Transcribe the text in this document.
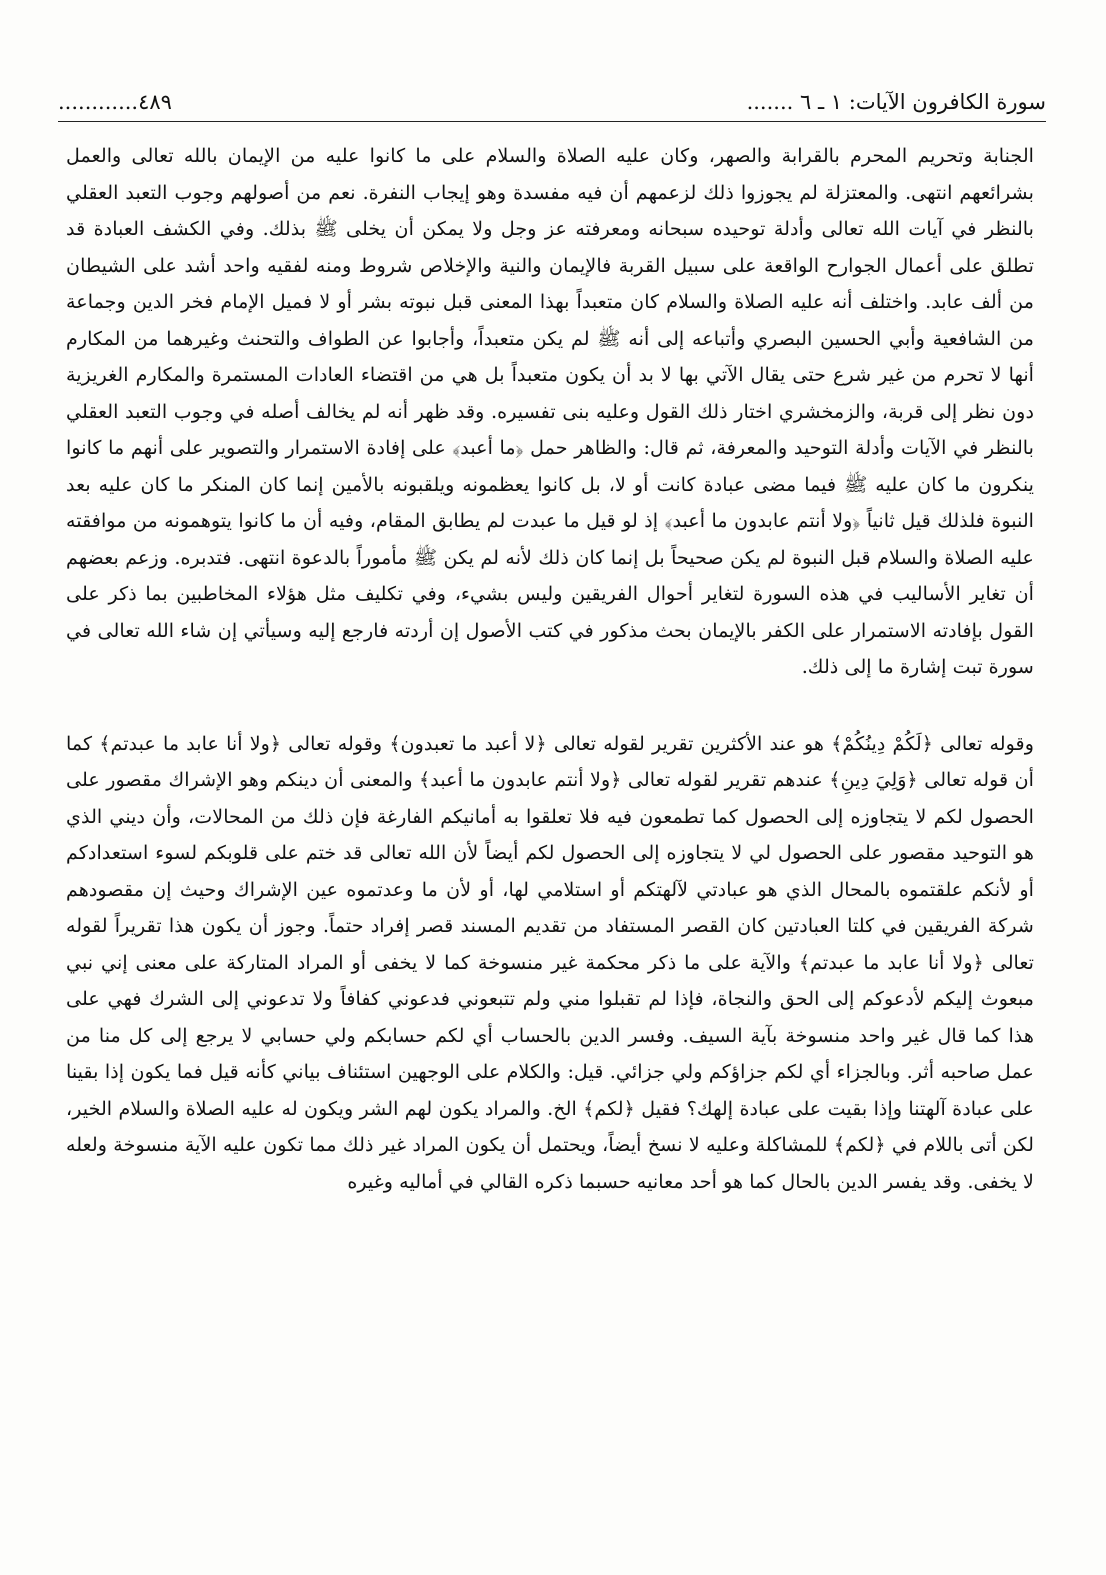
سورة الكافرون الآيات: ١ ـ ٦ .......
٤٨٩............

الجنابة وتحريم المحرم بالقرابة والصهر، وكان عليه الصلاة والسلام على ما كانوا عليه من الإيمان بالله تعالى والعمل بشرائعهم انتهى. والمعتزلة لم يجوزوا ذلك لزعمهم أن فيه مفسدة وهو إيجاب النفرة. نعم من أصولهم وجوب التعبد العقلي بالنظر في آيات الله تعالى وأدلة توحيده سبحانه ومعرفته عز وجل ولا يمكن أن يخلى ﷺ بذلك. وفي الكشف العبادة قد تطلق على أعمال الجوارح الواقعة على سبيل القربة فالإيمان والنية والإخلاص شروط ومنه لفقيه واحد أشد على الشيطان من ألف عابد. واختلف أنه عليه الصلاة والسلام كان متعبداً بهذا المعنى قبل نبوته بشر أو لا فميل الإمام فخر الدين وجماعة من الشافعية وأبي الحسين البصري وأتباعه إلى أنه ﷺ لم يكن متعبداً، وأجابوا عن الطواف والتحنث وغيرهما من المكارم أنها لا تحرم من غير شرع حتى يقال الآتي بها لا بد أن يكون متعبداً بل هي من اقتضاء العادات المستمرة والمكارم الغريزية دون نظر إلى قربة، والزمخشري اختار ذلك القول وعليه بنى تفسيره. وقد ظهر أنه لم يخالف أصله في وجوب التعبد العقلي بالنظر في الآيات وأدلة التوحيد والمعرفة، ثم قال: والظاهر حمل ﴿ما أعبد﴾ على إفادة الاستمرار والتصوير على أنهم ما كانوا ينكرون ما كان عليه ﷺ فيما مضى عبادة كانت أو لا، بل كانوا يعظمونه ويلقبونه بالأمين إنما كان المنكر ما كان عليه بعد النبوة فلذلك قيل ثانياً ﴿ولا أنتم عابدون ما أعبد﴾ إذ لو قيل ما عبدت لم يطابق المقام، وفيه أن ما كانوا يتوهمونه من موافقته عليه الصلاة والسلام قبل النبوة لم يكن صحيحاً بل إنما كان ذلك لأنه لم يكن ﷺ مأموراً بالدعوة انتهى. فتدبره. وزعم بعضهم أن تغاير الأساليب في هذه السورة لتغاير أحوال الفريقين وليس بشيء، وفي تكليف مثل هؤلاء المخاطبين بما ذكر على القول بإفادته الاستمرار على الكفر بالإيمان بحث مذكور في كتب الأصول إن أردته فارجع إليه وسيأتي إن شاء الله تعالى في سورة تبت إشارة ما إلى ذلك.

وقوله تعالى ﴿لَكُمْ دِينُكُمْ﴾ هو عند الأكثرين تقرير لقوله تعالى ﴿لا أعبد ما تعبدون﴾ وقوله تعالى ﴿ولا أنا عابد ما عبدتم﴾ كما أن قوله تعالى ﴿وَلِيَ دِينِ﴾ عندهم تقرير لقوله تعالى ﴿ولا أنتم عابدون ما أعبد﴾ والمعنى أن دينكم وهو الإشراك مقصور على الحصول لكم لا يتجاوزه إلى الحصول كما تطمعون فيه فلا تعلقوا به أمانيكم الفارغة فإن ذلك من المحالات، وأن ديني الذي هو التوحيد مقصور على الحصول لي لا يتجاوزه إلى الحصول لكم أيضاً لأن الله تعالى قد ختم على قلوبكم لسوء استعدادكم أو لأنكم علقتموه بالمحال الذي هو عبادتي لآلهتكم أو استلامي لها، أو لأن ما وعدتموه عين الإشراك وحيث إن مقصودهم شركة الفريقين في كلتا العبادتين كان القصر المستفاد من تقديم المسند قصر إفراد حتماً. وجوز أن يكون هذا تقريراً لقوله تعالى ﴿ولا أنا عابد ما عبدتم﴾ والآية على ما ذكر محكمة غير منسوخة كما لا يخفى أو المراد المتاركة على معنى إني نبي مبعوث إليكم لأدعوكم إلى الحق والنجاة، فإذا لم تقبلوا مني ولم تتبعوني فدعوني كفافاً ولا تدعوني إلى الشرك فهي على هذا كما قال غير واحد منسوخة بآية السيف. وفسر الدين بالحساب أي لكم حسابكم ولي حسابي لا يرجع إلى كل منا من عمل صاحبه أثر. وبالجزاء أي لكم جزاؤكم ولي جزائي. قيل: والكلام على الوجهين استئناف بياني كأنه قيل فما يكون إذا بقينا على عبادة آلهتنا وإذا بقيت على عبادة إلهك؟ فقيل ﴿لكم﴾ الخ. والمراد يكون لهم الشر ويكون له عليه الصلاة والسلام الخير، لكن أتى باللام في ﴿لكم﴾ للمشاكلة وعليه لا نسخ أيضاً، ويحتمل أن يكون المراد غير ذلك مما تكون عليه الآية منسوخة ولعله لا يخفى. وقد يفسر الدين بالحال كما هو أحد معانيه حسبما ذكره القالي في أماليه وغيره
